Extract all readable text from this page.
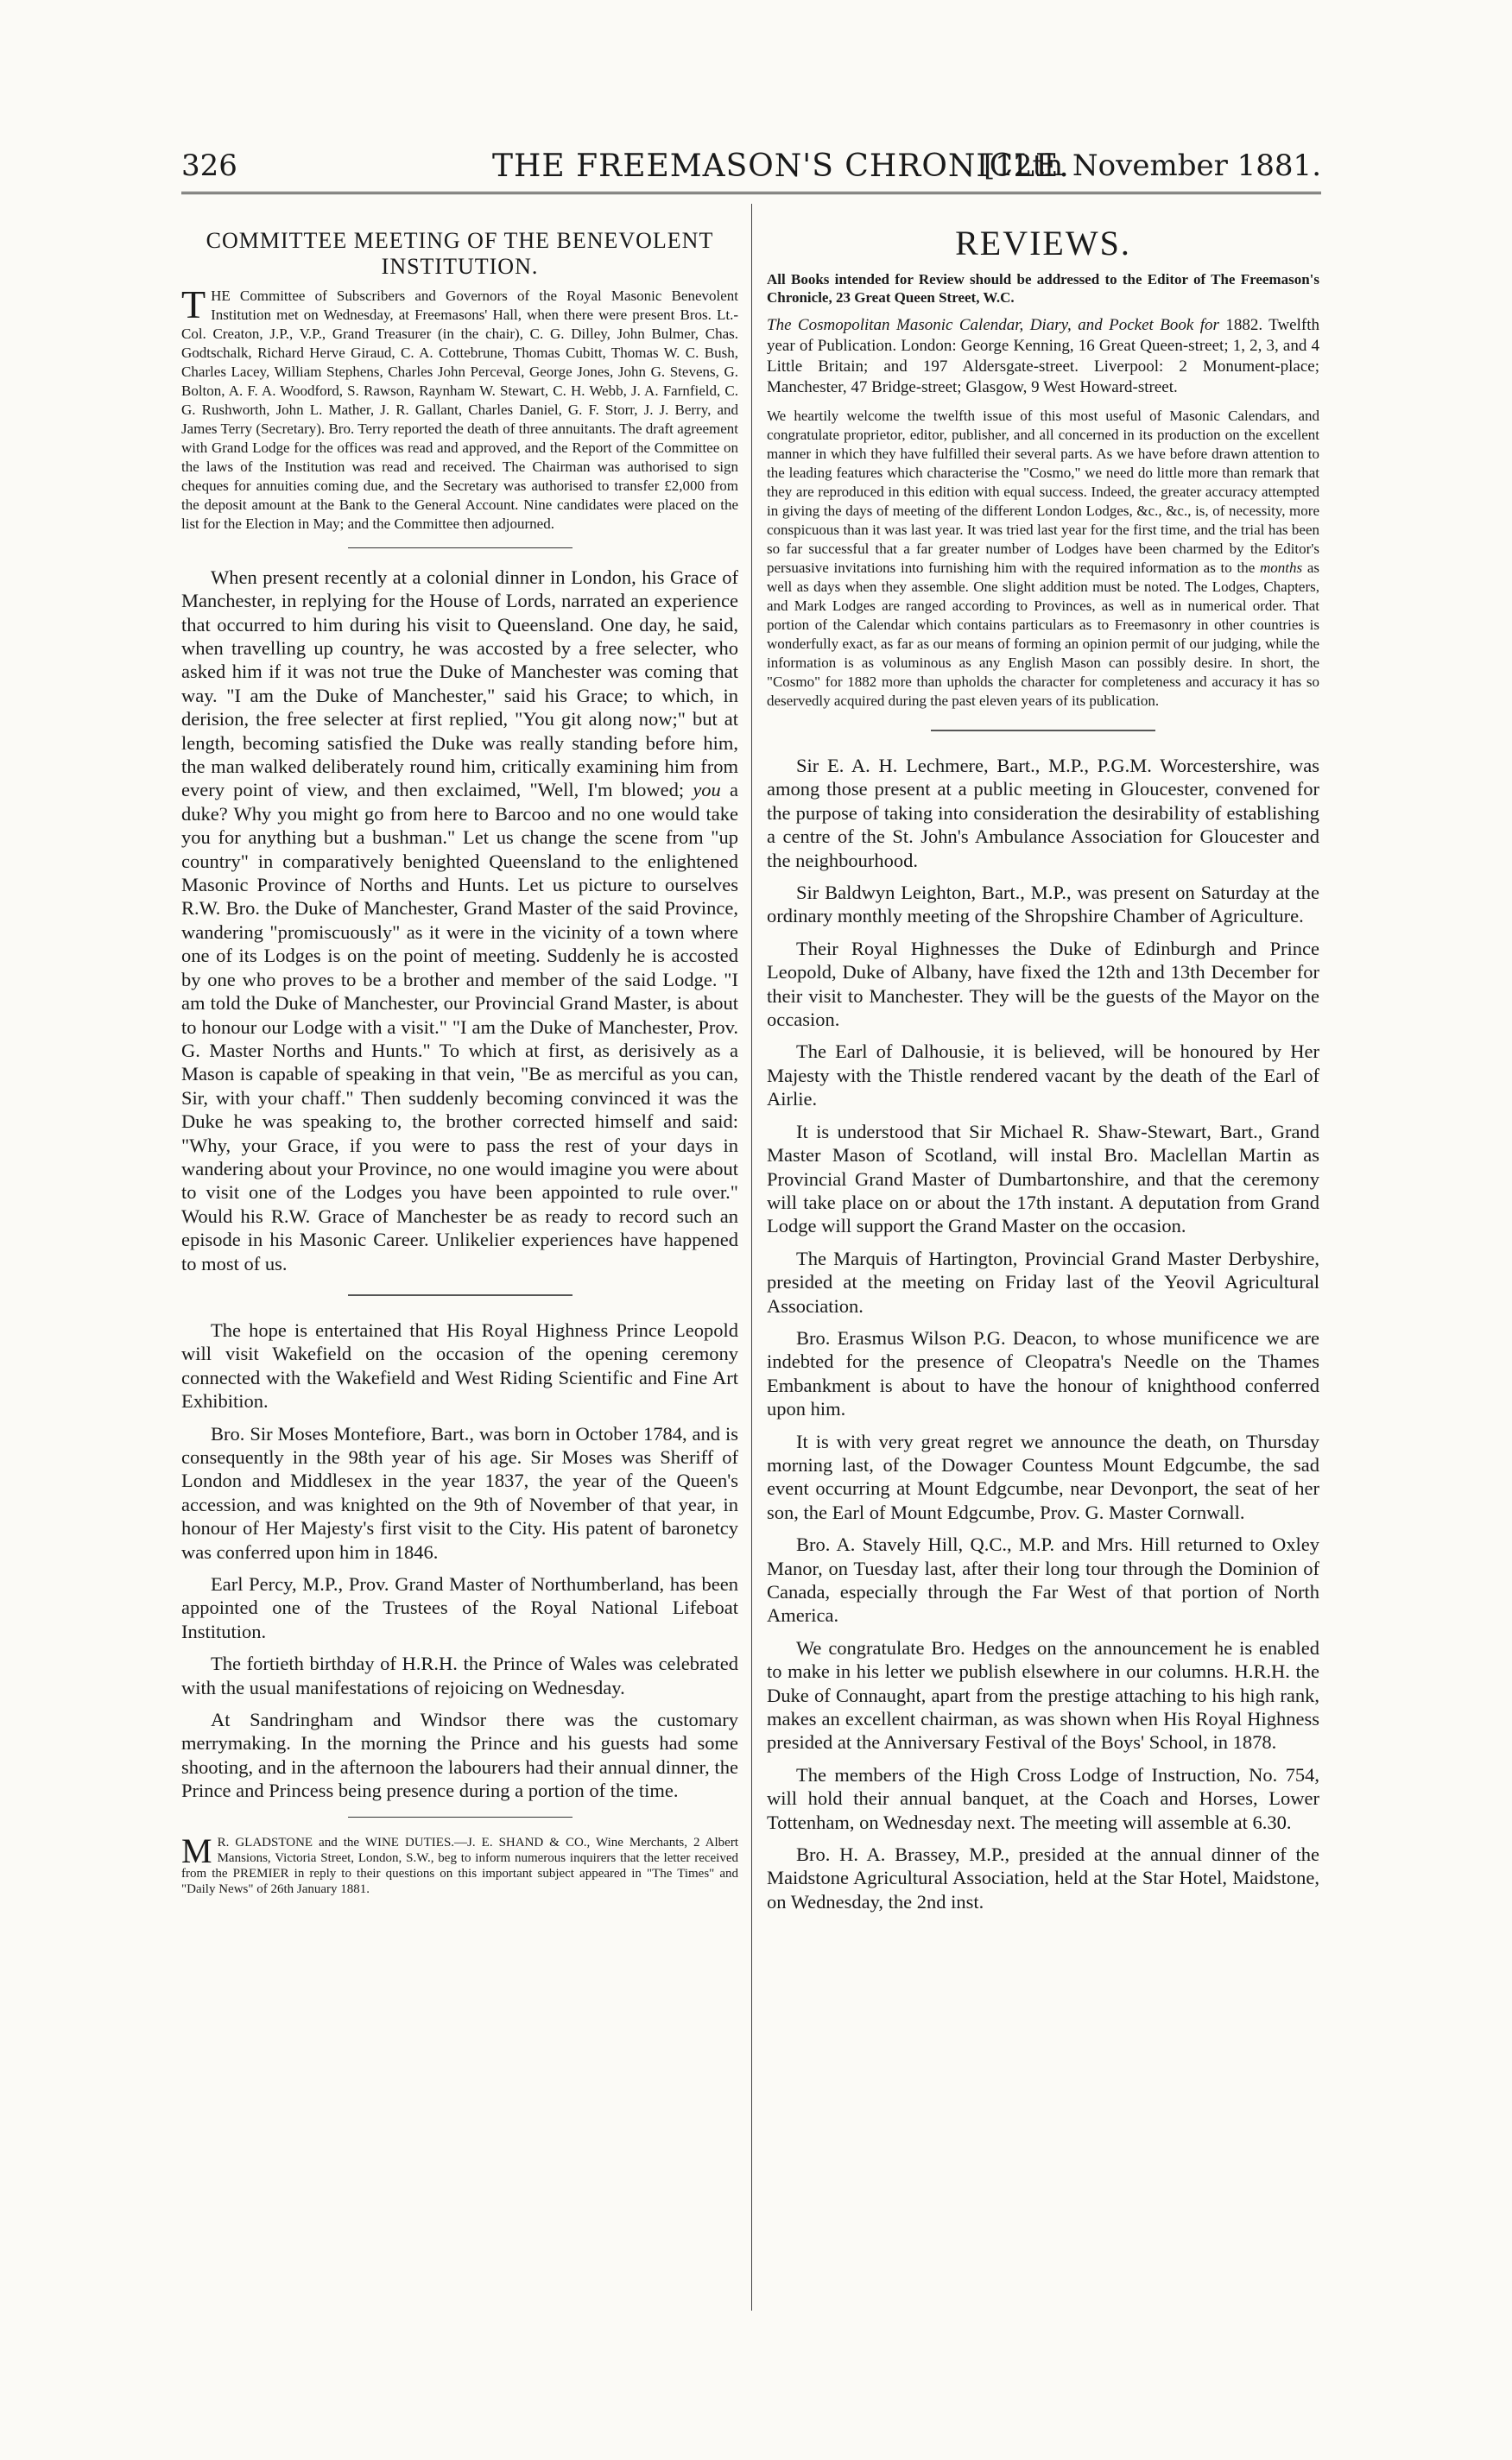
326	THE FREEMASON'S CHRONICLE.
[12th November 1881.
COMMITTEE MEETING OF THE BENEVOLENT INSTITUTION.

THE Committee of Subscribers and Governors of the Royal Masonic Benevolent Institution met on Wednesday, at Freemasons' Hall, when there were present Bros. Lt.-Col. Creaton, J.P., V.P., Grand Treasurer (in the chair), C. G. Dilley, John Bulmer, Chas. Godtschalk, Richard Herve Giraud, C. A. Cottebrune, Thomas Cubitt, Thomas W. C. Bush, Charles Lacey, William Stephens, Charles John Perceval, George Jones, John G. Stevens, G. Bolton, A. F. A. Woodford, S. Rawson, Raynham W. Stewart, C. H. Webb, J. A. Farnfield, C. G. Rushworth, John L. Mather, J. R. Gallant, Charles Daniel, G. F. Storr, J. J. Berry, and James Terry (Secretary). Bro. Terry reported the death of three annuitants. The draft agreement with Grand Lodge for the offices was read and approved, and the Report of the Committee on the laws of the Institution was read and received. The Chairman was authorised to sign cheques for annuities coming due, and the Secretary was authorised to transfer £2,000 from the deposit amount at the Bank to the General Account. Nine candidates were placed on the list for the Election in May; and the Committee then adjourned.

When present recently at a colonial dinner in London, his Grace of Manchester, in replying for the House of Lords, narrated an experience that occurred to him during his visit to Queensland. One day, he said, when travelling up country, he was accosted by a free selecter, who asked him if it was not true the Duke of Manchester was coming that way. "I am the Duke of Manchester," said his Grace; to which, in derision, the free selecter at first replied, "You git along now;" but at length, becoming satisfied the Duke was really standing before him, the man walked deliberately round him, critically examining him from every point of view, and then exclaimed, "Well, I'm blowed; you a duke? Why you might go from here to Barcoo and no one would take you for anything but a bushman." Let us change the scene from "up country" in comparatively benighted Queensland to the enlightened Masonic Province of Norths and Hunts. Let us picture to ourselves R.W. Bro. the Duke of Manchester, Grand Master of the said Province, wandering "promiscuously" as it were in the vicinity of a town where one of its Lodges is on the point of meeting. Suddenly he is accosted by one who proves to be a brother and member of the said Lodge. "I am told the Duke of Manchester, our Provincial Grand Master, is about to honour our Lodge with a visit." "I am the Duke of Manchester, Prov. G. Master Norths and Hunts." To which at first, as derisively as a Mason is capable of speaking in that vein, "Be as merciful as you can, Sir, with your chaff." Then suddenly becoming convinced it was the Duke he was speaking to, the brother corrected himself and said: "Why, your Grace, if you were to pass the rest of your days in wandering about your Province, no one would imagine you were about to visit one of the Lodges you have been appointed to rule over." Would his R.W. Grace of Manchester be as ready to record such an episode in his Masonic Career. Unlikelier experiences have happened to most of us.

The hope is entertained that His Royal Highness Prince Leopold will visit Wakefield on the occasion of the opening ceremony connected with the Wakefield and West Riding Scientific and Fine Art Exhibition.

Bro. Sir Moses Montefiore, Bart., was born in October 1784, and is consequently in the 98th year of his age. Sir Moses was Sheriff of London and Middlesex in the year 1837, the year of the Queen's accession, and was knighted on the 9th of November of that year, in honour of Her Majesty's first visit to the City. His patent of baronetcy was conferred upon him in 1846.

Earl Percy, M.P., Prov. Grand Master of Northumberland, has been appointed one of the Trustees of the Royal National Lifeboat Institution.

The fortieth birthday of H.R.H. the Prince of Wales was celebrated with the usual manifestations of rejoicing on Wednesday.

At Sandringham and Windsor there was the customary merrymaking. In the morning the Prince and his guests had some shooting, and in the afternoon the labourers had their annual dinner, the Prince and Princess being presence during a portion of the time.

M R. GLADSTONE and the WINE DUTIES.—J. E. SHAND & CO., Wine Merchants, 2 Albert Mansions, Victoria Street, London, S.W., beg to inform numerous inquirers that the letter received from the PREMIER in reply to their questions on this important subject appeared in "The Times" and "Daily News" of 26th January 1881.

REVIEWS.

All Books intended for Review should be addressed to the Editor of The Freemason's Chronicle, 23 Great Queen Street, W.C.

The Cosmopolitan Masonic Calendar, Diary, and Pocket Book for 1882. Twelfth year of Publication. London: George Kenning, 16 Great Queen-street; 1, 2, 3, and 4 Little Britain; and 197 Aldersgate-street. Liverpool: 2 Monument-place; Manchester, 47 Bridge-street; Glasgow, 9 West Howard-street.

We heartily welcome the twelfth issue of this most useful of Masonic Calendars, and congratulate proprietor, editor, publisher, and all concerned in its production on the excellent manner in which they have fulfilled their several parts. As we have before drawn attention to the leading features which characterise the "Cosmo," we need do little more than remark that they are reproduced in this edition with equal success. Indeed, the greater accuracy attempted in giving the days of meeting of the different London Lodges, &c., &c., is, of necessity, more conspicuous than it was last year. It was tried last year for the first time, and the trial has been so far successful that a far greater number of Lodges have been charmed by the Editor's persuasive invitations into furnishing him with the required information as to the months as well as days when they assemble. One slight addition must be noted. The Lodges, Chapters, and Mark Lodges are ranged according to Provinces, as well as in numerical order. That portion of the Calendar which contains particulars as to Freemasonry in other countries is wonderfully exact, as far as our means of forming an opinion permit of our judging, while the information is as voluminous as any English Mason can possibly desire. In short, the "Cosmo" for 1882 more than upholds the character for completeness and accuracy it has so deservedly acquired during the past eleven years of its publication.

Sir E. A. H. Lechmere, Bart., M.P., P.G.M. Worcestershire, was among those present at a public meeting in Gloucester, convened for the purpose of taking into consideration the desirability of establishing a centre of the St. John's Ambulance Association for Gloucester and the neighbourhood.

Sir Baldwyn Leighton, Bart., M.P., was present on Saturday at the ordinary monthly meeting of the Shropshire Chamber of Agriculture.

Their Royal Highnesses the Duke of Edinburgh and Prince Leopold, Duke of Albany, have fixed the 12th and 13th December for their visit to Manchester. They will be the guests of the Mayor on the occasion.

The Earl of Dalhousie, it is believed, will be honoured by Her Majesty with the Thistle rendered vacant by the death of the Earl of Airlie.

It is understood that Sir Michael R. Shaw-Stewart, Bart., Grand Master Mason of Scotland, will instal Bro. Maclellan Martin as Provincial Grand Master of Dumbartonshire, and that the ceremony will take place on or about the 17th instant. A deputation from Grand Lodge will support the Grand Master on the occasion.

The Marquis of Hartington, Provincial Grand Master Derbyshire, presided at the meeting on Friday last of the Yeovil Agricultural Association.

Bro. Erasmus Wilson P.G. Deacon, to whose munificence we are indebted for the presence of Cleopatra's Needle on the Thames Embankment is about to have the honour of knighthood conferred upon him.

It is with very great regret we announce the death, on Thursday morning last, of the Dowager Countess Mount Edgcumbe, the sad event occurring at Mount Edgcumbe, near Devonport, the seat of her son, the Earl of Mount Edgcumbe, Prov. G. Master Cornwall.

Bro. A. Stavely Hill, Q.C., M.P. and Mrs. Hill returned to Oxley Manor, on Tuesday last, after their long tour through the Dominion of Canada, especially through the Far West of that portion of North America.

We congratulate Bro. Hedges on the announcement he is enabled to make in his letter we publish elsewhere in our columns. H.R.H. the Duke of Connaught, apart from the prestige attaching to his high rank, makes an excellent chairman, as was shown when His Royal Highness presided at the Anniversary Festival of the Boys' School, in 1878.

The members of the High Cross Lodge of Instruction, No. 754, will hold their annual banquet, at the Coach and Horses, Lower Tottenham, on Wednesday next. The meeting will assemble at 6.30.

Bro. H. A. Brassey, M.P., presided at the annual dinner of the Maidstone Agricultural Association, held at the Star Hotel, Maidstone, on Wednesday, the 2nd inst.
